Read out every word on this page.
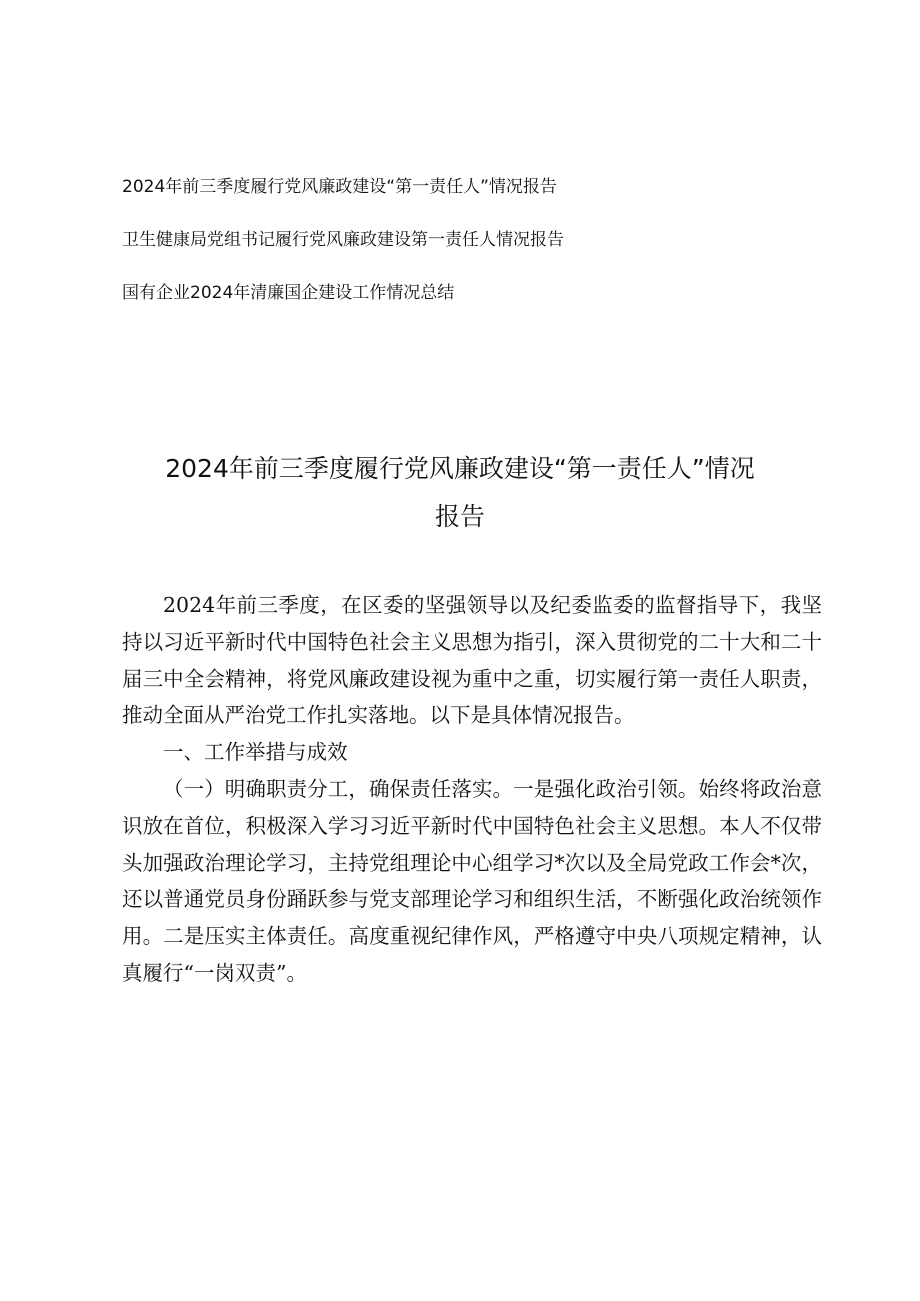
2024年前三季度履行党风廉政建设“第一责任人”情况报告
卫生健康局党组书记履行党风廉政建设第一责任人情况报告
国有企业2024年清廉国企建设工作情况总结
2024年前三季度履行党风廉政建设“第一责任人”情况
报告

2024年前三季度，在区委的坚强领导以及纪委监委的监督指导下，我坚持以习近平新时代中国特色社会主义思想为指引，深入贯彻党的二十大和二十届三中全会精神，将党风廉政建设视为重中之重，切实履行第一责任人职责，推动全面从严治党工作扎实落地。以下是具体情况报告。

一、工作举措与成效

（一）明确职责分工，确保责任落实。一是强化政治引领。始终将政治意识放在首位，积极深入学习习近平新时代中国特色社会主义思想。本人不仅带头加强政治理论学习，主持党组理论中心组学习*次以及全局党政工作会*次，还以普通党员身份踊跃参与党支部理论学习和组织生活，不断强化政治统领作用。二是压实主体责任。高度重视纪律作风，严格遵守中央八项规定精神，认真履行“一岗双责”。
